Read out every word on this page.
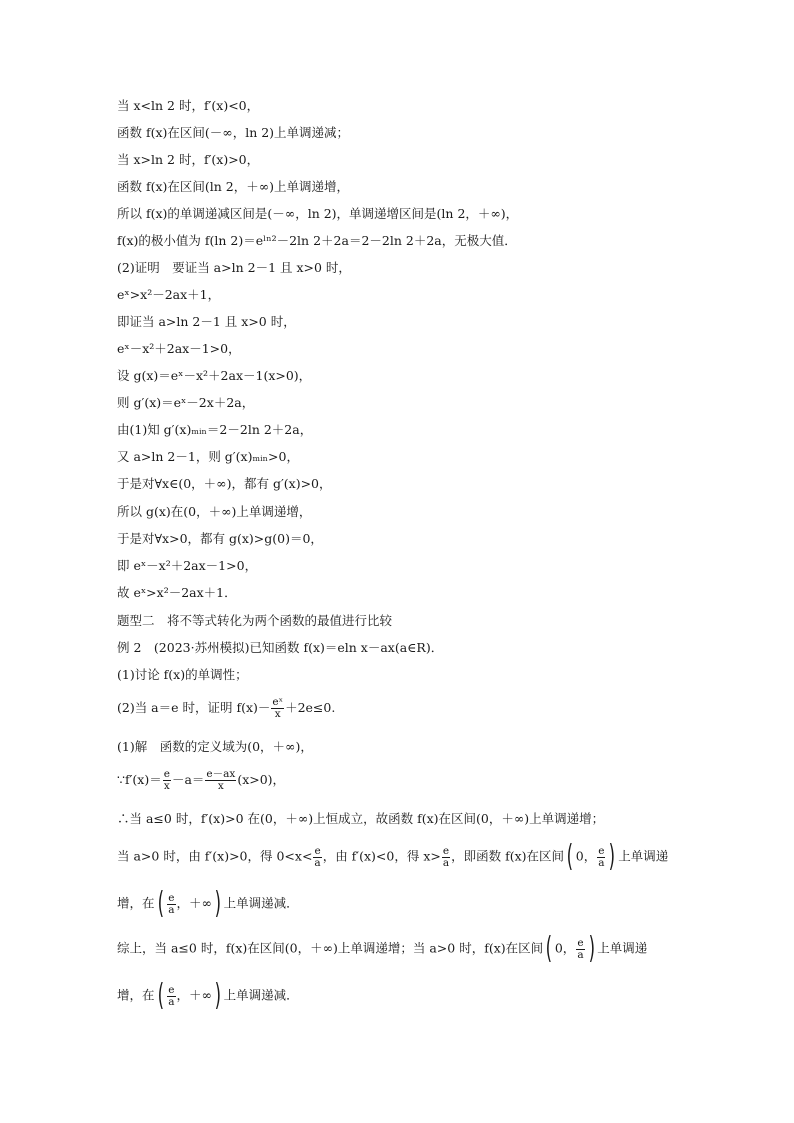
当 x<ln 2 时，f′(x)<0，
函数 f(x)在区间(－∞，ln 2)上单调递减；
当 x>ln 2 时，f′(x)>0，
函数 f(x)在区间(ln 2，＋∞)上单调递增，
所以 f(x)的单调递减区间是(－∞，ln 2)，单调递增区间是(ln 2，＋∞)，
f(x)的极小值为 f(ln 2)＝eˡⁿ²－2ln 2＋2a＝2－2ln 2＋2a，无极大值．
(2)证明　要证当 a>ln 2－1 且 x>0 时，
eˣ>x²－2ax＋1，
即证当 a>ln 2－1 且 x>0 时，
eˣ－x²＋2ax－1>0，
设 g(x)＝eˣ－x²＋2ax－1(x>0)，
则 g′(x)＝eˣ－2x＋2a，
由(1)知 g′(x)ₘᵢₙ＝2－2ln 2＋2a，
又 a>ln 2－1，则 g′(x)ₘᵢₙ>0，
于是对∀x∈(0，＋∞)，都有 g′(x)>0，
所以 g(x)在(0，＋∞)上单调递增，
于是对∀x>0，都有 g(x)>g(0)＝0，
即 eˣ－x²＋2ax－1>0，
故 eˣ>x²－2ax＋1．
题型二　将不等式转化为两个函数的最值进行比较
例 2　(2023·苏州模拟)已知函数 f(x)＝eln x－ax(a∈R)．
(1)讨论 f(x)的单调性；
(2)当 a＝e 时，证明 $f(x)- \frac{\text{eˣ}}{x} +2e\le 0$.
(1)解　函数的定义域为(0，＋∞)，
∵f′(x)＝ $\frac{e}{x} -a= \frac{e-ax}{x} (x>0)$，
∴当 a≤0 时，f′(x)>0 在(0，＋∞)上恒成立，故函数 f(x)在区间(0，＋∞)上单调递增；
当 a>0 时，由 f′(x)>0，得 $0<x< \frac{e}{a}$ ，由 f′(x)<0，得 $x> \frac{e}{a}$ ，即函数 f(x)在区间( 0， $\frac{e}{a}$ ) 上单调递
增，在( $\frac{e}{a}$ ，＋∞) 上单调递减．
综上，当 a≤0 时，f(x)在区间(0，＋∞)上单调递增；当 a>0 时，f(x)在区间( 0， $\frac{e}{a}$ ) 上单调递
增，在( $\frac{e}{a}$ ，＋∞) 上单调递减．
